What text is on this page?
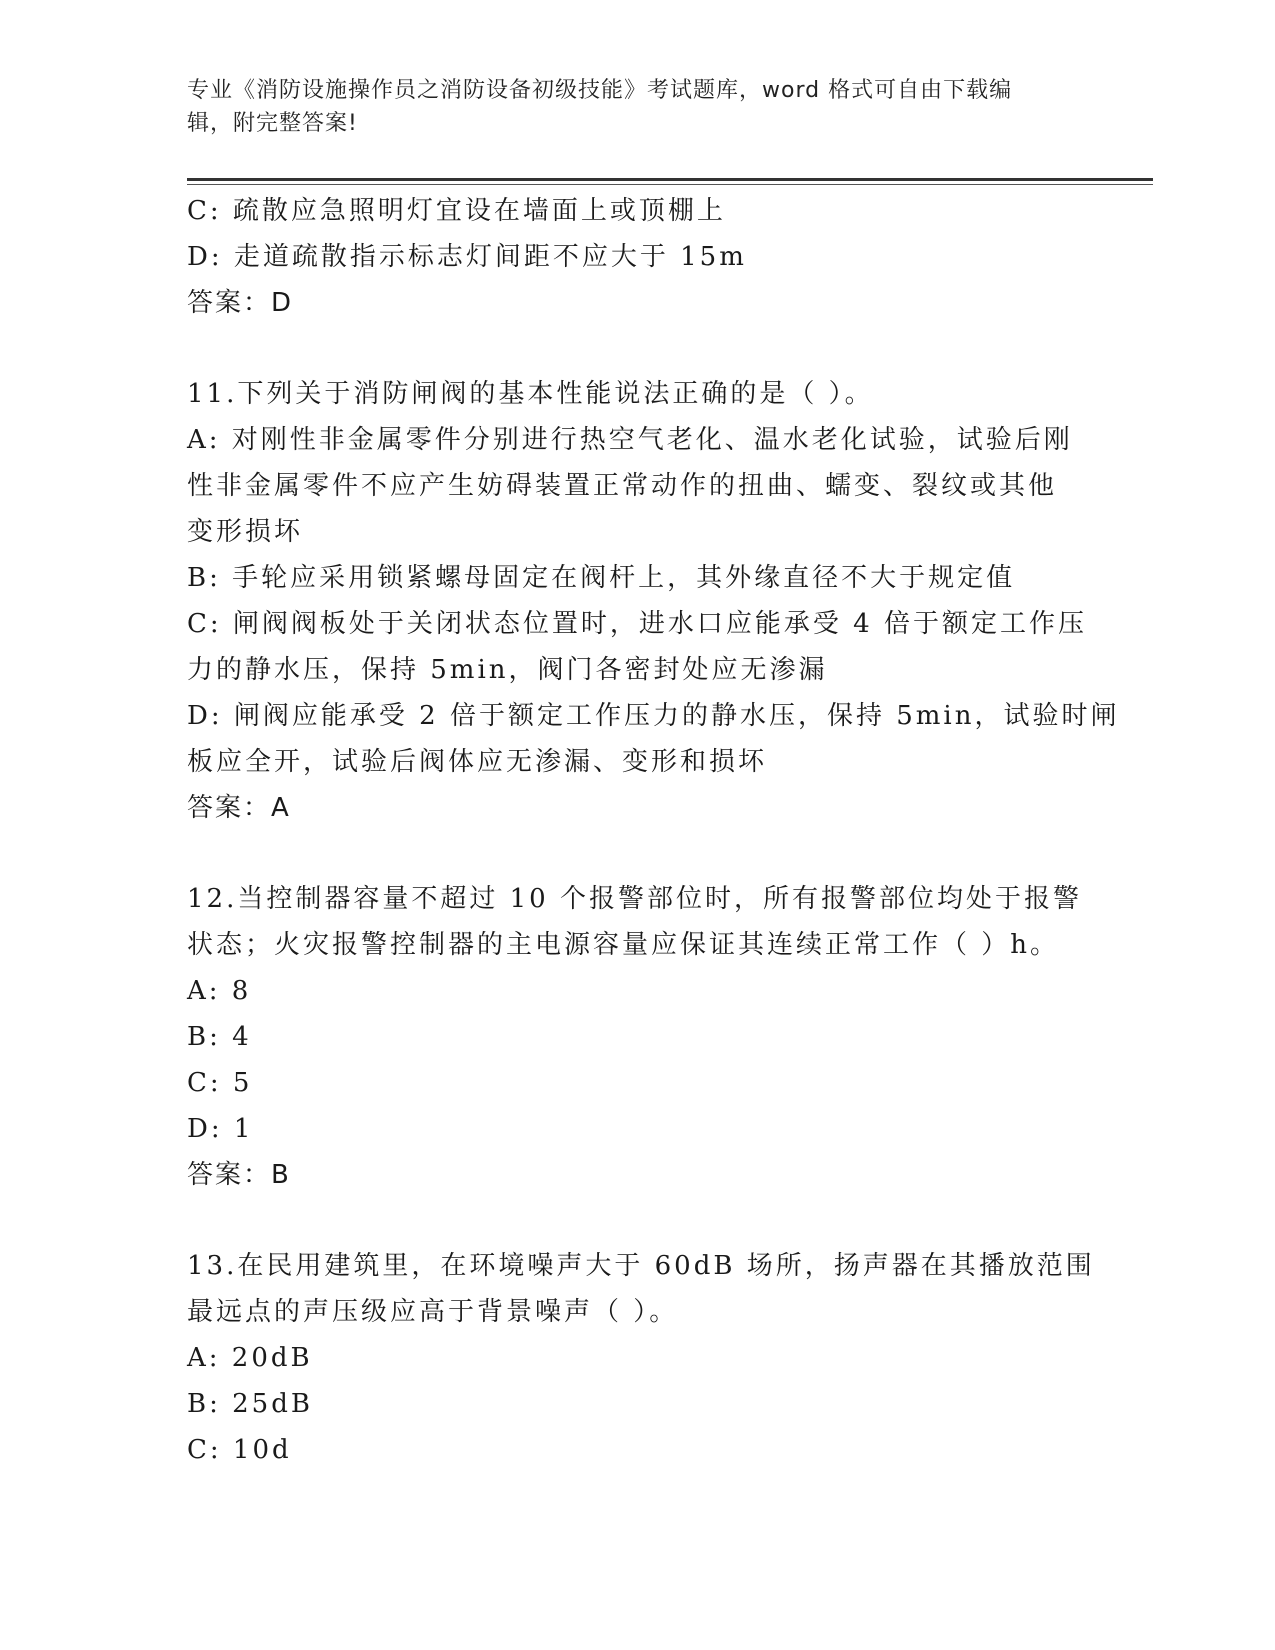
专业《消防设施操作员之消防设备初级技能》考试题库，word 格式可自由下载编
辑，附完整答案!
C: 疏散应急照明灯宜设在墙面上或顶棚上
D: 走道疏散指示标志灯间距不应大于 15m
答案：D
11.下列关于消防闸阀的基本性能说法正确的是（ ）。
A: 对刚性非金属零件分别进行热空气老化、温水老化试验，试验后刚
性非金属零件不应产生妨碍装置正常动作的扭曲、蠕变、裂纹或其他
变形损坏
B: 手轮应采用锁紧螺母固定在阀杆上，其外缘直径不大于规定值
C: 闸阀阀板处于关闭状态位置时，进水口应能承受 4 倍于额定工作压
力的静水压，保持 5min，阀门各密封处应无渗漏
D: 闸阀应能承受 2 倍于额定工作压力的静水压，保持 5min，试验时闸
板应全开，试验后阀体应无渗漏、变形和损坏
答案：A
12.当控制器容量不超过 10 个报警部位时，所有报警部位均处于报警
状态；火灾报警控制器的主电源容量应保证其连续正常工作（ ）h。
A: 8
B: 4
C: 5
D: 1
答案：B
13.在民用建筑里，在环境噪声大于 60dB 场所，扬声器在其播放范围
最远点的声压级应高于背景噪声（ ）。
A: 20dB
B: 25dB
C: 10d
